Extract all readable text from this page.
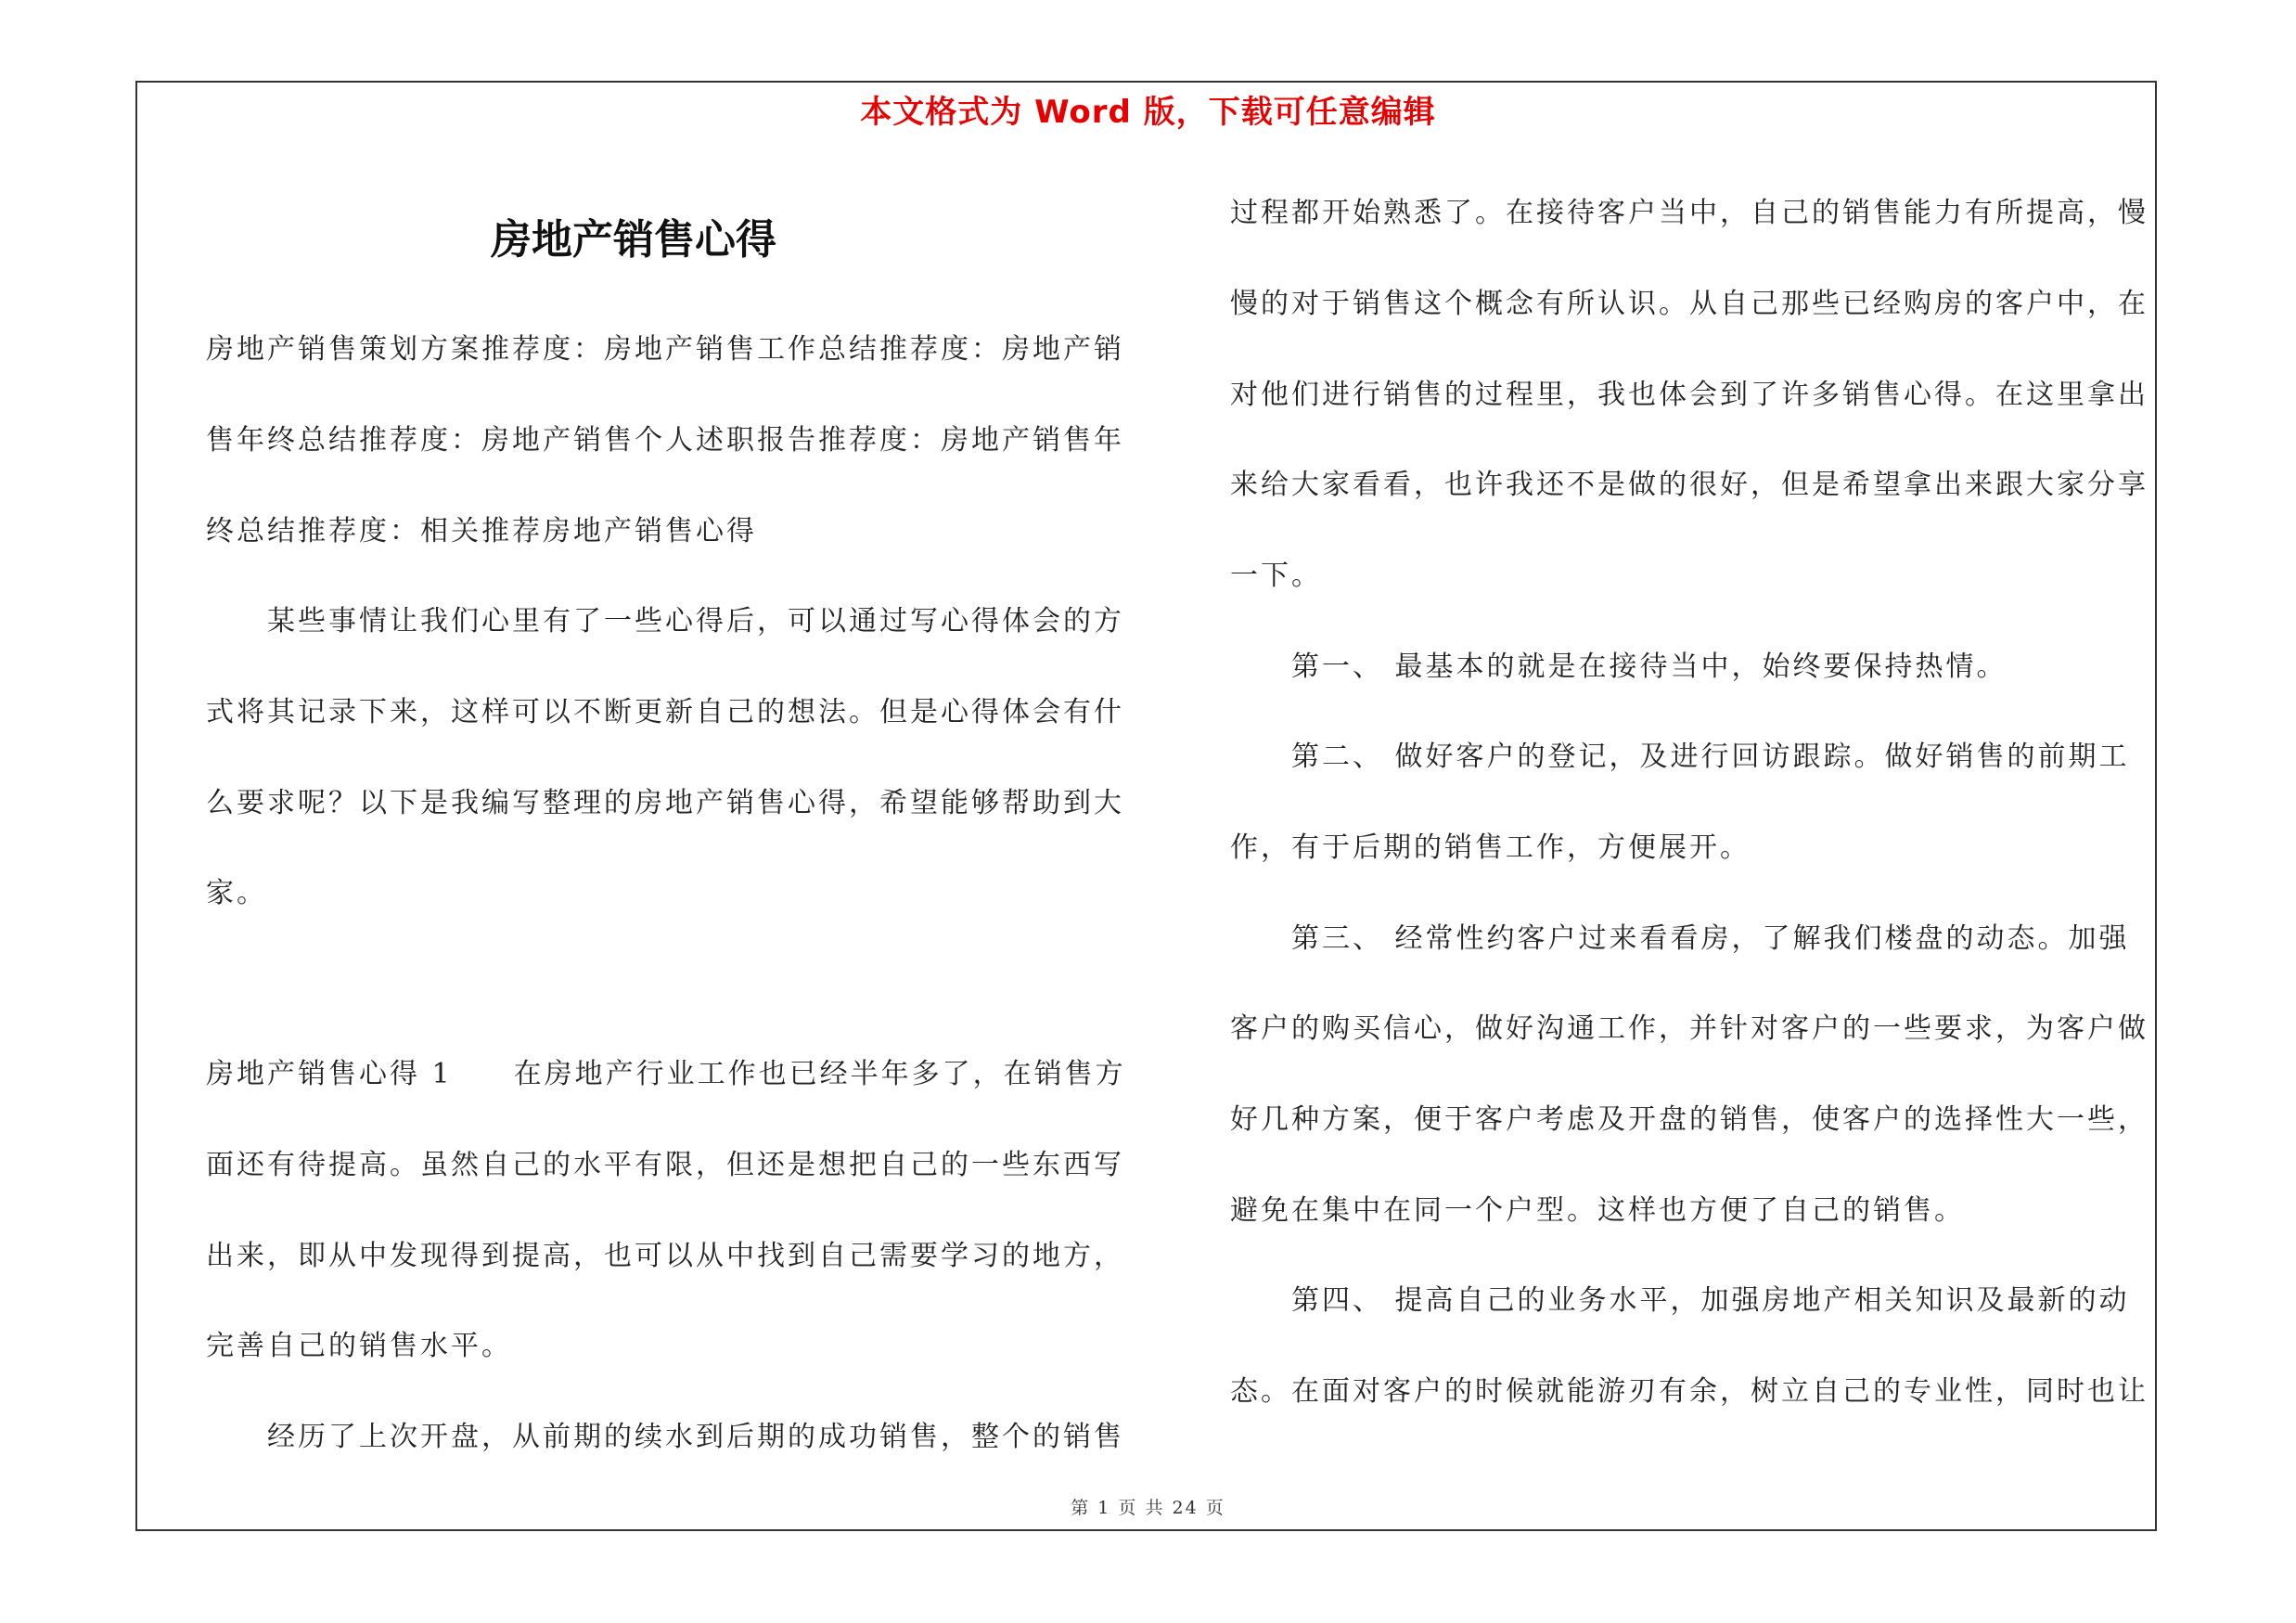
本文格式为 Word 版，下载可任意编辑
房地产销售心得
房地产销售策划方案推荐度：房地产销售工作总结推荐度：房地产销
售年终总结推荐度：房地产销售个人述职报告推荐度：房地产销售年
终总结推荐度：相关推荐房地产销售心得
　　某些事情让我们心里有了一些心得后，可以通过写心得体会的方
式将其记录下来，这样可以不断更新自己的想法。但是心得体会有什
么要求呢？以下是我编写整理的房地产销售心得，希望能够帮助到大
家。
房地产销售心得 1　　在房地产行业工作也已经半年多了，在销售方
面还有待提高。虽然自己的水平有限，但还是想把自己的一些东西写
出来，即从中发现得到提高，也可以从中找到自己需要学习的地方，
完善自己的销售水平。
　　经历了上次开盘，从前期的续水到后期的成功销售，整个的销售
过程都开始熟悉了。在接待客户当中，自己的销售能力有所提高，慢
慢的对于销售这个概念有所认识。从自己那些已经购房的客户中，在
对他们进行销售的过程里，我也体会到了许多销售心得。在这里拿出
来给大家看看，也许我还不是做的很好，但是希望拿出来跟大家分享
一下。
　　第一、 最基本的就是在接待当中，始终要保持热情。
　　第二、 做好客户的登记，及进行回访跟踪。做好销售的前期工
作，有于后期的销售工作，方便展开。
　　第三、 经常性约客户过来看看房，了解我们楼盘的动态。加强
客户的购买信心，做好沟通工作，并针对客户的一些要求，为客户做
好几种方案，便于客户考虑及开盘的销售，使客户的选择性大一些，
避免在集中在同一个户型。这样也方便了自己的销售。
　　第四、 提高自己的业务水平，加强房地产相关知识及最新的动
态。在面对客户的时候就能游刃有余，树立自己的专业性，同时也让
第 1 页 共 24 页
